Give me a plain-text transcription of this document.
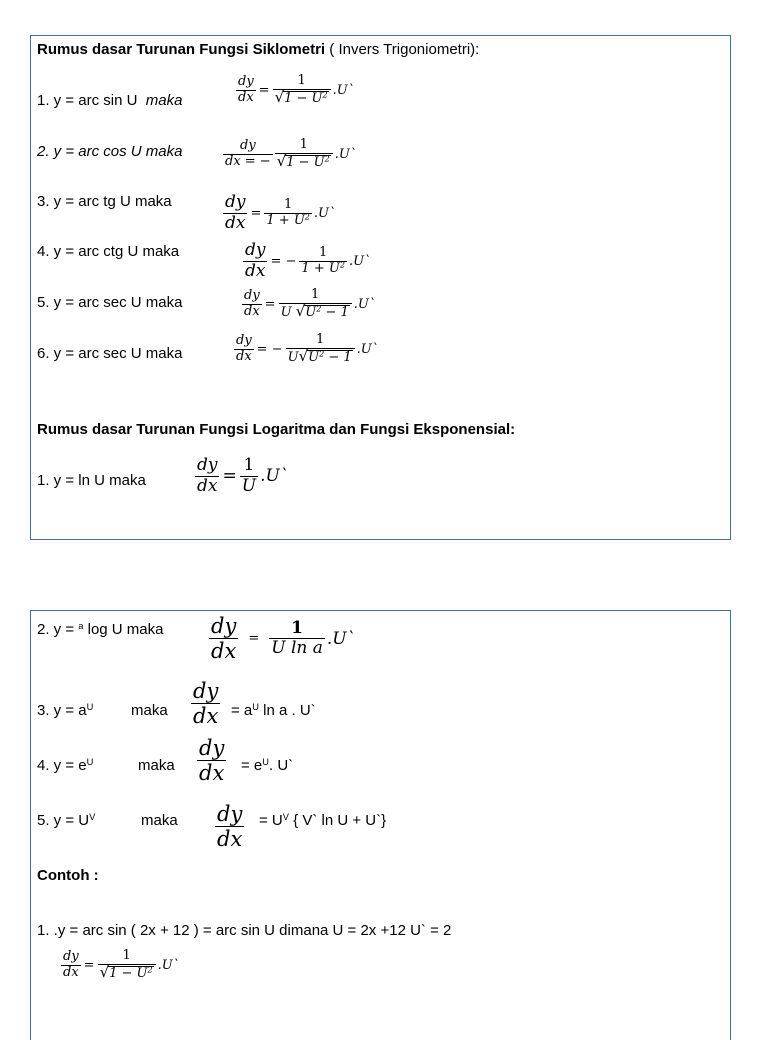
Rumus dasar Turunan Fungsi Siklometri ( Invers Trigoniometri):
1. y = arc sin U maka	$\frac{dy}{dx} = \frac{1}{√ 1 - U^2}$ .U`
2. y = arc cos U maka	$\frac{dy}{dx = -} \frac{1}{√ 1 - U^2}$ .U`
3. y = arc tg U maka	$\frac{dy}{dx} = \frac{1}{1 + U^2}$ .U`
4. y = arc ctg U maka	$\frac{dy}{dx}$ = − $\frac{1}{1 + U^2}$ .U`
5. y = arc sec U maka	$\frac{dy}{dx} = \frac{1}{U √ U^2 - 1}$ .U`
6. y = arc sec U maka	$\frac{dy}{dx}$ = − $\frac{1}{U √ U^2 - 1}$ .U`
Rumus dasar Turunan Fungsi Logaritma dan Fungsi Eksponensial:
1. y = ln U maka	$\frac{dy}{dx} = \frac{1}{U}$ .U`
2. y = $^a$ log U maka $\frac{dy}{dx} = \frac{1}{\text{U ln a}}$ .U`
3. $y = a^U$	maka $\frac{dy}{dx} = a^U$ ln a . U`
4. $y = e^U$	maka $\frac{dy}{dx} = e^U$. U`
5. $y = U^V$	maka $\frac{dy}{dx} = U^V$ { V` ln U + U`}
Contoh :
1. .y = arc sin ( 2x + 12 ) = arc sin U dimana U = 2x +12 U` = 2
$\frac{dy}{dx} = \frac{1}{√ 1 - U^2}$ .U`
